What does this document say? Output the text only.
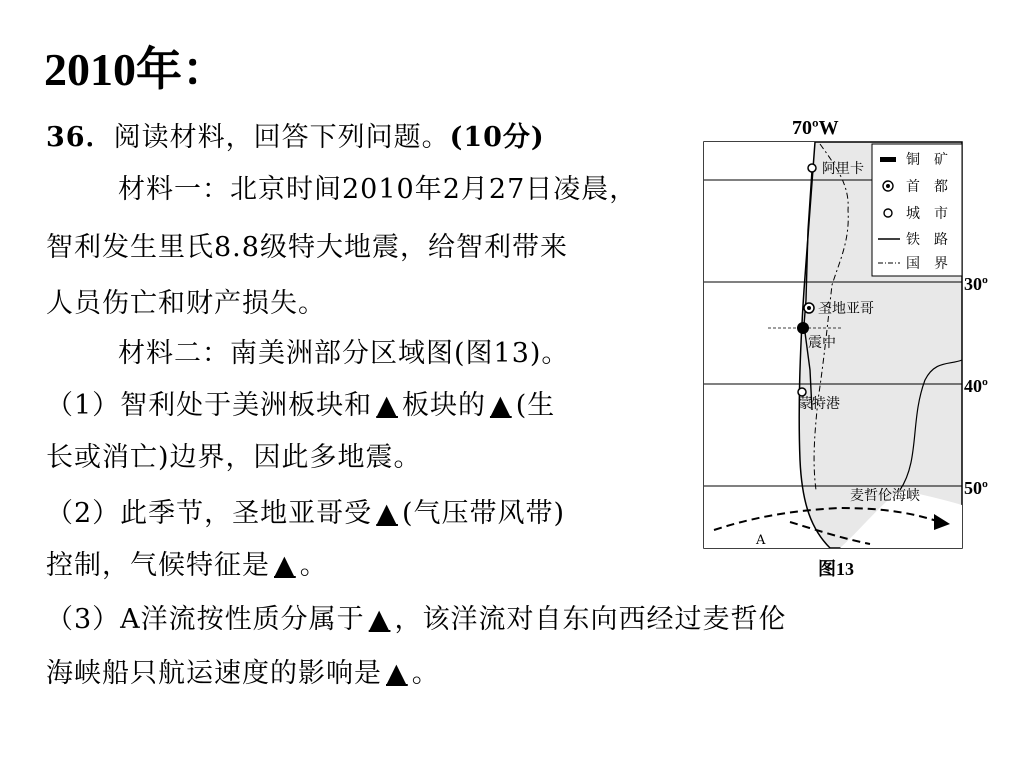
2010年：
36．阅读材料，回答下列问题。(10分)
材料一：北京时间2010年2月27日凌晨，
智利发生里氏8.8级特大地震，给智利带来
人员伤亡和财产损失。
材料二：南美洲部分区域图(图13)。
（1）智利处于美洲板块和 ▲ 板块的 ▲ (生
长或消亡)边界，因此多地震。
（2）此季节，圣地亚哥受 ▲ (气压带风带)
控制，气候特征是 ▲ 。
（3）A洋流按性质分属于 ▲ ，该洋流对自东向西经过麦哲伦
海峡船只航运速度的影响是 ▲ 。
70ºW
30º
40º
50º
阿里卡
圣地亚哥
震中
蒙特港
麦哲伦海峡
A
铜　矿
首　都
城　市
铁　路
国　界
图13
